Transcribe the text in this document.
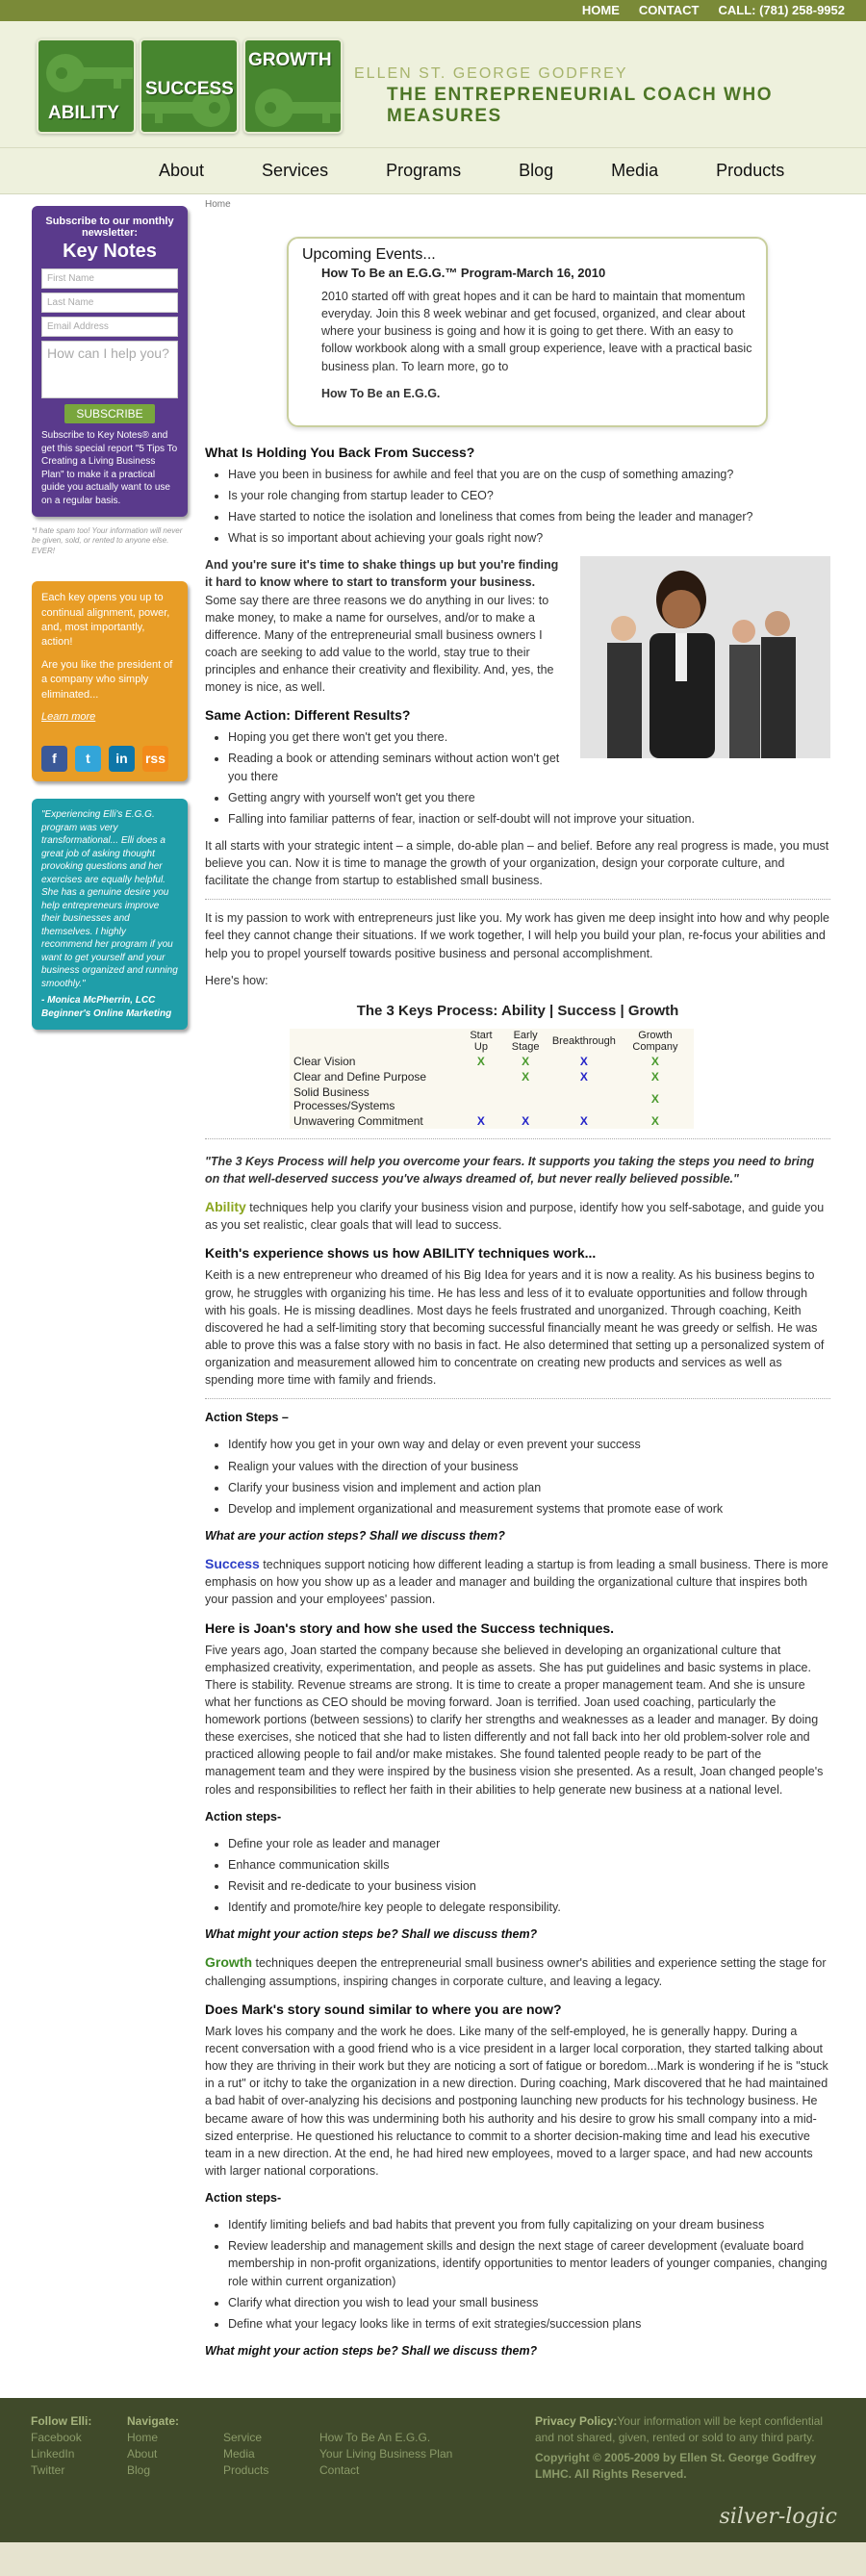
HOME CONTACT CALL: (781) 258-9952
ABILITY
SUCCESS
GROWTH
ELLEN ST. GEORGE GODFREY
THE ENTREPRENEURIAL COACH WHO MEASURES
About	Services	Programs	Blog	Media	Products
Subscribe to our monthly newsletter:
Key Notes
First Name
Last Name
Email Address
How can I help you?
SUBSCRIBE
Subscribe to Key Notes® and get this special report "5 Tips To Creating a Living Business Plan" to make it a practical guide you actually want to use on a regular basis.
*I hate spam too! Your information will never be given, sold, or rented to anyone else. EVER!

Each key opens you up to continual alignment, power, and, most importantly, action!

Are you like the president of a company who simply eliminated...

Learn more
f	t	in	rss

"Experiencing Elli's E.G.G. program was very transformational... Elli does a great job of asking thought provoking questions and her exercises are equally helpful. She has a genuine desire you help entrepreneurs improve their businesses and themselves. I highly recommend her program if you want to get yourself and your business organized and running smoothly."

- Monica McPherrin, LCC Beginner's Online Marketing

Home
Upcoming Events...
How To Be an E.G.G.™ Program-March 16, 2010

2010 started off with great hopes and it can be hard to maintain that momentum everyday. Join this 8 week webinar and get focused, organized, and clear about where your business is going and how it is going to get there. With an easy to follow workbook along with a small group experience, leave with a practical basic business plan. To learn more, go to

How To Be an E.G.G.

What Is Holding You Back From Success?
• Have you been in business for awhile and feel that you are on the cusp of something amazing?
• Is your role changing from startup leader to CEO?
• Have started to notice the isolation and loneliness that comes from being the leader and manager?
• What is so important about achieving your goals right now?

And you're sure it's time to shake things up but you're finding it hard to know where to start to transform your business. Some say there are three reasons we do anything in our lives: to make money, to make a name for ourselves, and/or to make a difference. Many of the entrepreneurial small business owners I coach are seeking to add value to the world, stay true to their principles and enhance their creativity and flexibility. And, yes, the money is nice, as well.

Same Action: Different Results?
• Hoping you get there won't get you there.
• Reading a book or attending seminars without action won't get you there
• Getting angry with yourself won't get you there
• Falling into familiar patterns of fear, inaction or self-doubt will not improve your situation.

It all starts with your strategic intent – a simple, do-able plan – and belief. Before any real progress is made, you must believe you can. Now it is time to manage the growth of your organization, design your corporate culture, and facilitate the change from startup to established small business.

It is my passion to work with entrepreneurs just like you. My work has given me deep insight into how and why people feel they cannot change their situations. If we work together, I will help you build your plan, re-focus your abilities and help you to propel yourself towards positive business and personal accomplishment.

Here's how:

The 3 Keys Process: Ability | Success | Growth
	Start Up	Early Stage	Breakthrough	Growth Company
Clear Vision	X	X	X	X
Clear and Define Purpose		X	X	X
Solid Business Processes/Systems				X
Unwavering Commitment	X	X	X	X

"The 3 Keys Process will help you overcome your fears. It supports you taking the steps you need to bring on that well-deserved success you've always dreamed of, but never really believed possible."

Ability techniques help you clarify your business vision and purpose, identify how you self-sabotage, and guide you as you set realistic, clear goals that will lead to success.

Keith's experience shows us how ABILITY techniques work...

Keith is a new entrepreneur who dreamed of his Big Idea for years and it is now a reality. As his business begins to grow, he struggles with organizing his time. He has less and less of it to evaluate opportunities and follow through with his goals. He is missing deadlines. Most days he feels frustrated and unorganized. Through coaching, Keith discovered he had a self-limiting story that becoming successful financially meant he was greedy or selfish. He was able to prove this was a false story with no basis in fact. He also determined that setting up a personalized system of organization and measurement allowed him to concentrate on creating new products and services as well as spending more time with family and friends.

Action Steps –

• Identify how you get in your own way and delay or even prevent your success
• Realign your values with the direction of your business
• Clarify your business vision and implement and action plan
• Develop and implement organizational and measurement systems that promote ease of work

What are your action steps? Shall we discuss them?

Success techniques support noticing how different leading a startup is from leading a small business. There is more emphasis on how you show up as a leader and manager and building the organizational culture that inspires both your passion and your employees' passion.

Here is Joan's story and how she used the Success techniques.

Five years ago, Joan started the company because she believed in developing an organizational culture that emphasized creativity, experimentation, and people as assets. She has put guidelines and basic systems in place. There is stability. Revenue streams are strong. It is time to create a proper management team. And she is unsure what her functions as CEO should be moving forward. Joan is terrified. Joan used coaching, particularly the homework portions (between sessions) to clarify her strengths and weaknesses as a leader and manager. By doing these exercises, she noticed that she had to listen differently and not fall back into her old problem-solver role and practiced allowing people to fail and/or make mistakes. She found talented people ready to be part of the management team and they were inspired by the business vision she presented. As a result, Joan changed people's roles and responsibilities to reflect her faith in their abilities to help generate new business at a national level.

Action steps-

• Define your role as leader and manager
• Enhance communication skills
• Revisit and re-dedicate to your business vision
• Identify and promote/hire key people to delegate responsibility.

What might your action steps be? Shall we discuss them?

Growth techniques deepen the entrepreneurial small business owner's abilities and experience setting the stage for challenging assumptions, inspiring changes in corporate culture, and leaving a legacy.

Does Mark's story sound similar to where you are now?

Mark loves his company and the work he does. Like many of the self-employed, he is generally happy. During a recent conversation with a good friend who is a vice president in a larger local corporation, they started talking about how they are thriving in their work but they are noticing a sort of fatigue or boredom...Mark is wondering if he is "stuck in a rut" or itchy to take the organization in a new direction. During coaching, Mark discovered that he had maintained a bad habit of over-analyzing his decisions and postponing launching new products for his technology business. He became aware of how this was undermining both his authority and his desire to grow his small company into a mid-sized enterprise. He questioned his reluctance to commit to a shorter decision-making time and lead his executive team in a new direction. At the end, he had hired new employees, moved to a larger space, and had new accounts with larger national corporations.

Action steps-

• Identify limiting beliefs and bad habits that prevent you from fully capitalizing on your dream business
• Review leadership and management skills and design the next stage of career development (evaluate board membership in non-profit organizations, identify opportunities to mentor leaders of younger companies, changing role within current organization)
• Clarify what direction you wish to lead your small business
• Define what your legacy looks like in terms of exit strategies/succession plans

What might your action steps be? Shall we discuss them?

Follow Elli:
Facebook
LinkedIn
Twitter
Navigate:
Home
About
Blog
Service
Media
Products
How To Be An E.G.G.
Your Living Business Plan
Contact
Privacy Policy:Your information will be kept confidential and not shared, given, rented or sold to any third party.
Copyright © 2005-2009 by Ellen St. George Godfrey LMHC. All Rights Reserved.
silver-logic
